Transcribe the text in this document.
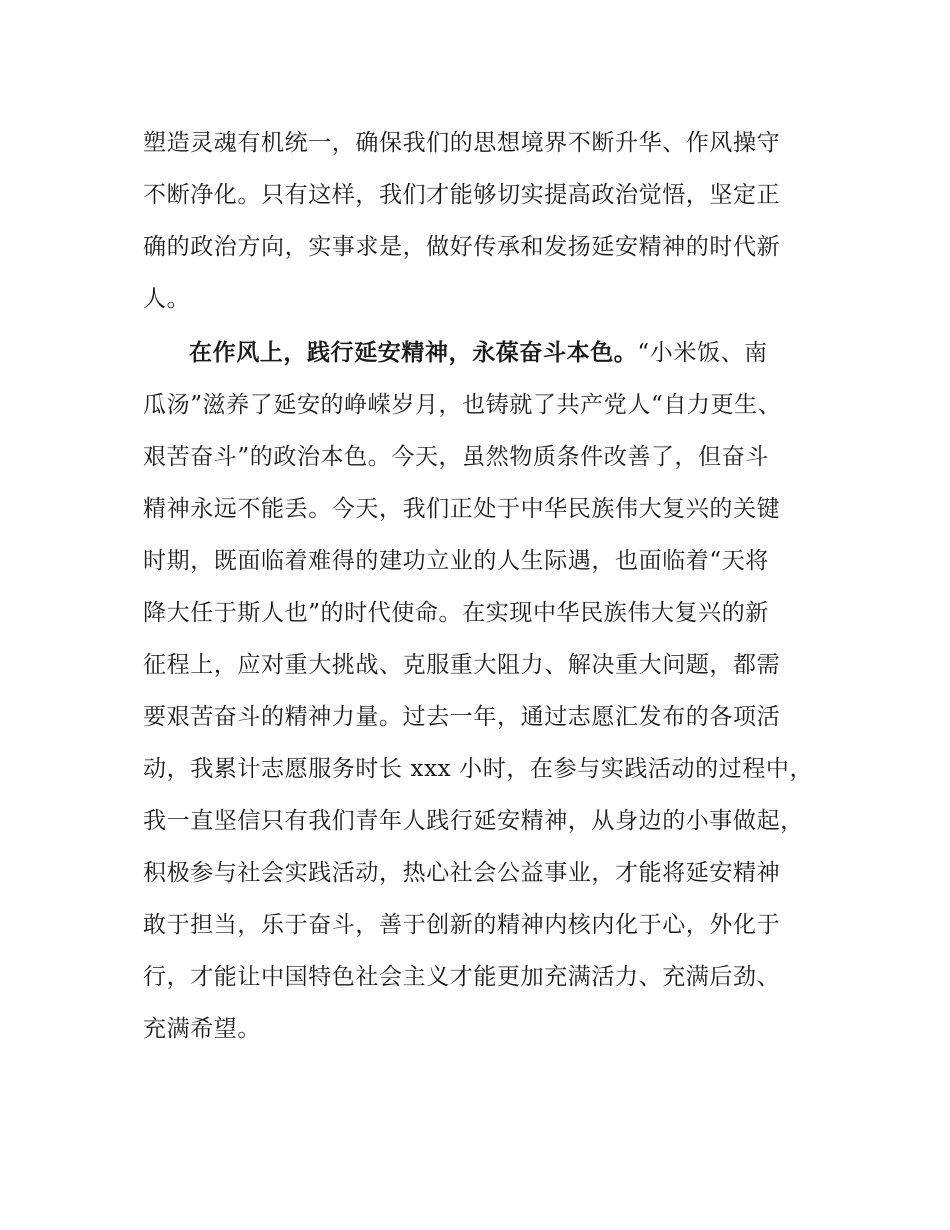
塑造灵魂有机统一，确保我们的思想境界不断升华、作风操守
不断净化。只有这样，我们才能够切实提高政治觉悟，坚定正
确的政治方向，实事求是，做好传承和发扬延安精神的时代新
人。
在作风上，践行延安精神，永葆奋斗本色。“小米饭、南
瓜汤”滋养了延安的峥嵘岁月，也铸就了共产党人“自力更生、
艰苦奋斗”的政治本色。今天，虽然物质条件改善了，但奋斗
精神永远不能丢。今天，我们正处于中华民族伟大复兴的关键
时期，既面临着难得的建功立业的人生际遇，也面临着“天将
降大任于斯人也”的时代使命。在实现中华民族伟大复兴的新
征程上，应对重大挑战、克服重大阻力、解决重大问题，都需
要艰苦奋斗的精神力量。过去一年，通过志愿汇发布的各项活
动，我累计志愿服务时长 xxx 小时，在参与实践活动的过程中，
我一直坚信只有我们青年人践行延安精神，从身边的小事做起，
积极参与社会实践活动，热心社会公益事业，才能将延安精神
敢于担当，乐于奋斗，善于创新的精神内核内化于心，外化于
行，才能让中国特色社会主义才能更加充满活力、充满后劲、
充满希望。
